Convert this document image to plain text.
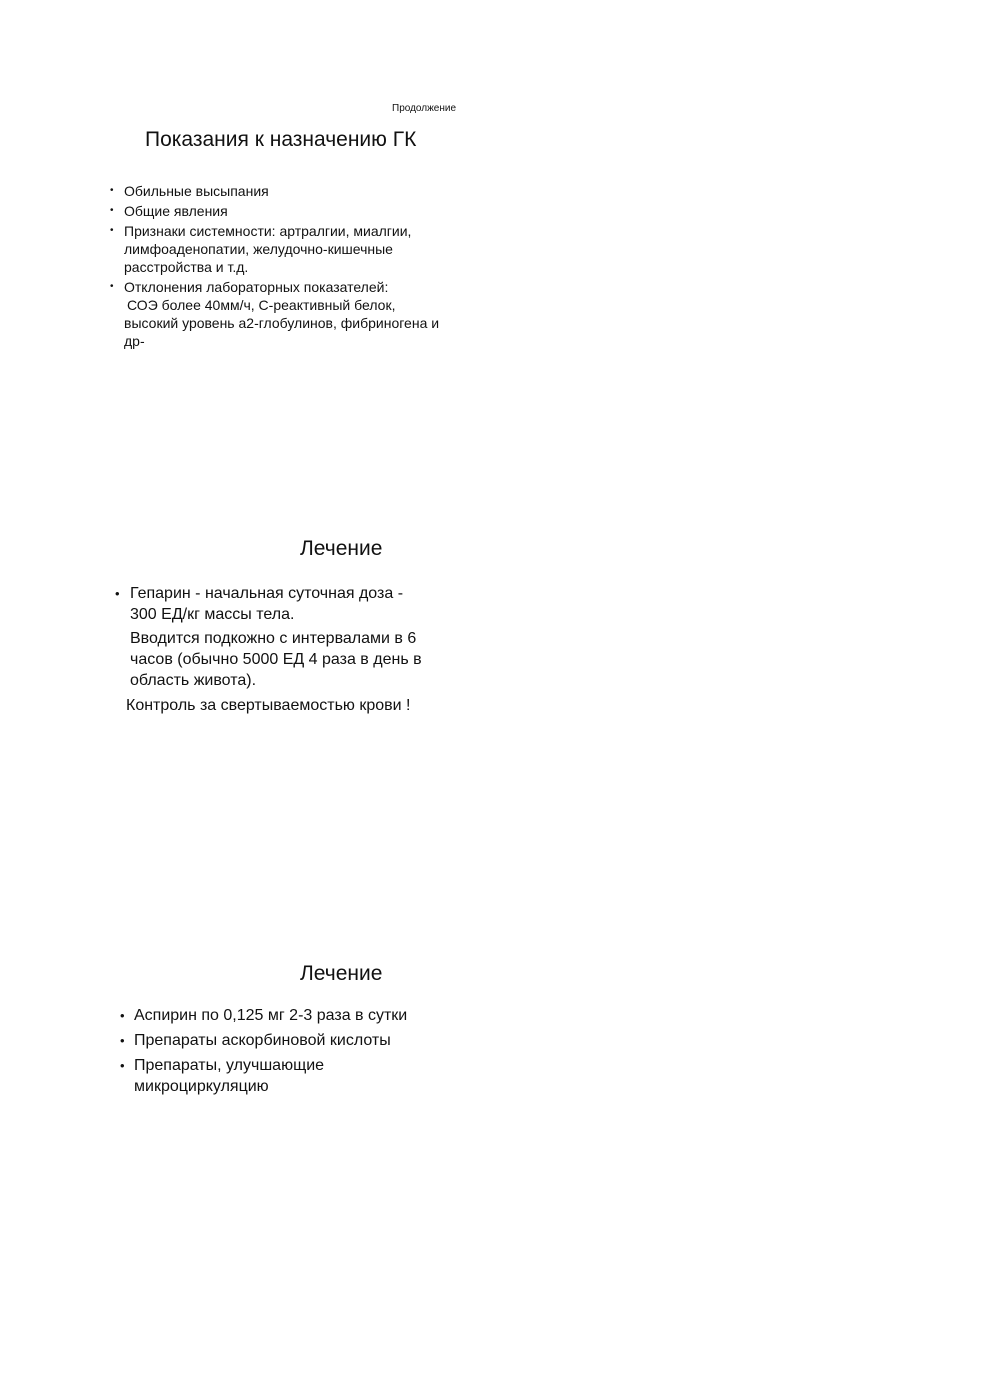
Продолжение
Показания к назначению ГК
• Обильные высыпания
• Общие явления
• Признаки системности: артралгии, миалгии,
лимфоаденопатии, желудочно-кишечные
расстройства и т.д.
• Отклонения лабораторных показателей:
СОЭ более 40мм/ч, С-реактивный белок,
высокий уровень а2-глобулинов, фибриногена и
др-
Лечение
• Гепарин - начальная суточная доза -
300 ЕД/кг массы тела.
Вводится подкожно с интервалами в 6
часов (обычно 5000 ЕД 4 раза в день в
область живота).
Контроль за свертываемостью крови !
Лечение
• Аспирин по 0,125 мг 2-3 раза в сутки
• Препараты аскорбиновой кислоты
• Препараты, улучшающие
микроциркуляцию
